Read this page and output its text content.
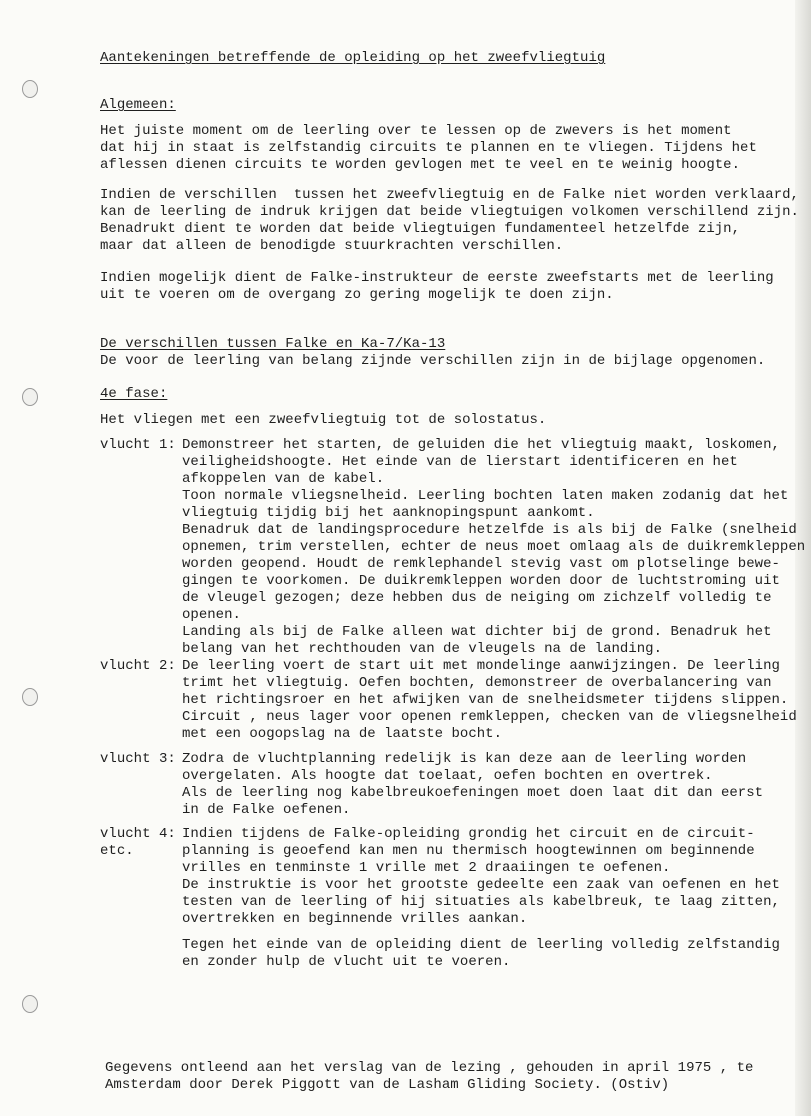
Aantekeningen betreffende de opleiding op het zweefvliegtuig
Algemeen:
Het juiste moment om de leerling over te lessen op de zwevers is het moment
dat hij in staat is zelfstandig circuits te plannen en te vliegen. Tijdens het
aflessen dienen circuits te worden gevlogen met te veel en te weinig hoogte.
Indien de verschillen  tussen het zweefvliegtuig en de Falke niet worden verklaard,
kan de leerling de indruk krijgen dat beide vliegtuigen volkomen verschillend zijn.
Benadrukt dient te worden dat beide vliegtuigen fundamenteel hetzelfde zijn,
maar dat alleen de benodigde stuurkrachten verschillen.
Indien mogelijk dient de Falke-instrukteur de eerste zweefstarts met de leerling
uit te voeren om de overgang zo gering mogelijk te doen zijn.
De verschillen tussen Falke en Ka-7/Ka-13
De voor de leerling van belang zijnde verschillen zijn in de bijlage opgenomen.
4e fase:
Het vliegen met een zweefvliegtuig tot de solostatus.
vlucht 1: Demonstreer het starten, de geluiden die het vliegtuig maakt, loskomen,
veiligheidshoogte. Het einde van de lierstart identificeren en het
afkoppelen van de kabel.
Toon normale vliegsnelheid. Leerling bochten laten maken zodanig dat het
vliegtuig tijdig bij het aanknopingspunt aankomt.
Benadruk dat de landingsprocedure hetzelfde is als bij de Falke (snelheid
opnemen, trim verstellen, echter de neus moet omlaag als de duikremkleppen
worden geopend. Houdt de remklephandel stevig vast om plotselinge bewe-
gingen te voorkomen. De duikremkleppen worden door de luchtstroming uit
de vleugel gezogen; deze hebben dus de neiging om zichzelf volledig te
openen.
Landing als bij de Falke alleen wat dichter bij de grond. Benadruk het
belang van het rechthouden van de vleugels na de landing.
vlucht 2: De leerling voert de start uit met mondelinge aanwijzingen. De leerling
trimt het vliegtuig. Oefen bochten, demonstreer de overbalancering van
het richtingsroer en het afwijken van de snelheidsmeter tijdens slippen.
Circuit , neus lager voor openen remkleppen, checken van de vliegsnelheid
met een oogopslag na de laatste bocht.
vlucht 3: Zodra de vluchtplanning redelijk is kan deze aan de leerling worden
overgelaten. Als hoogte dat toelaat, oefen bochten en overtrek.
Als de leerling nog kabelbreukoefeningen moet doen laat dit dan eerst
in de Falke oefenen.
vlucht 4:
etc.
Indien tijdens de Falke-opleiding grondig het circuit en de circuit-
planning is geoefend kan men nu thermisch hoogtewinnen om beginnende
vrilles en tenminste 1 vrille met 2 draaiingen te oefenen.
De instruktie is voor het grootste gedeelte een zaak van oefenen en het
testen van de leerling of hij situaties als kabelbreuk, te laag zitten,
overtrekken en beginnende vrilles aankan.
Tegen het einde van de opleiding dient de leerling volledig zelfstandig
en zonder hulp de vlucht uit te voeren.
Gegevens ontleend aan het verslag van de lezing , gehouden in april 1975 , te
Amsterdam door Derek Piggott van de Lasham Gliding Society. (Ostiv)
